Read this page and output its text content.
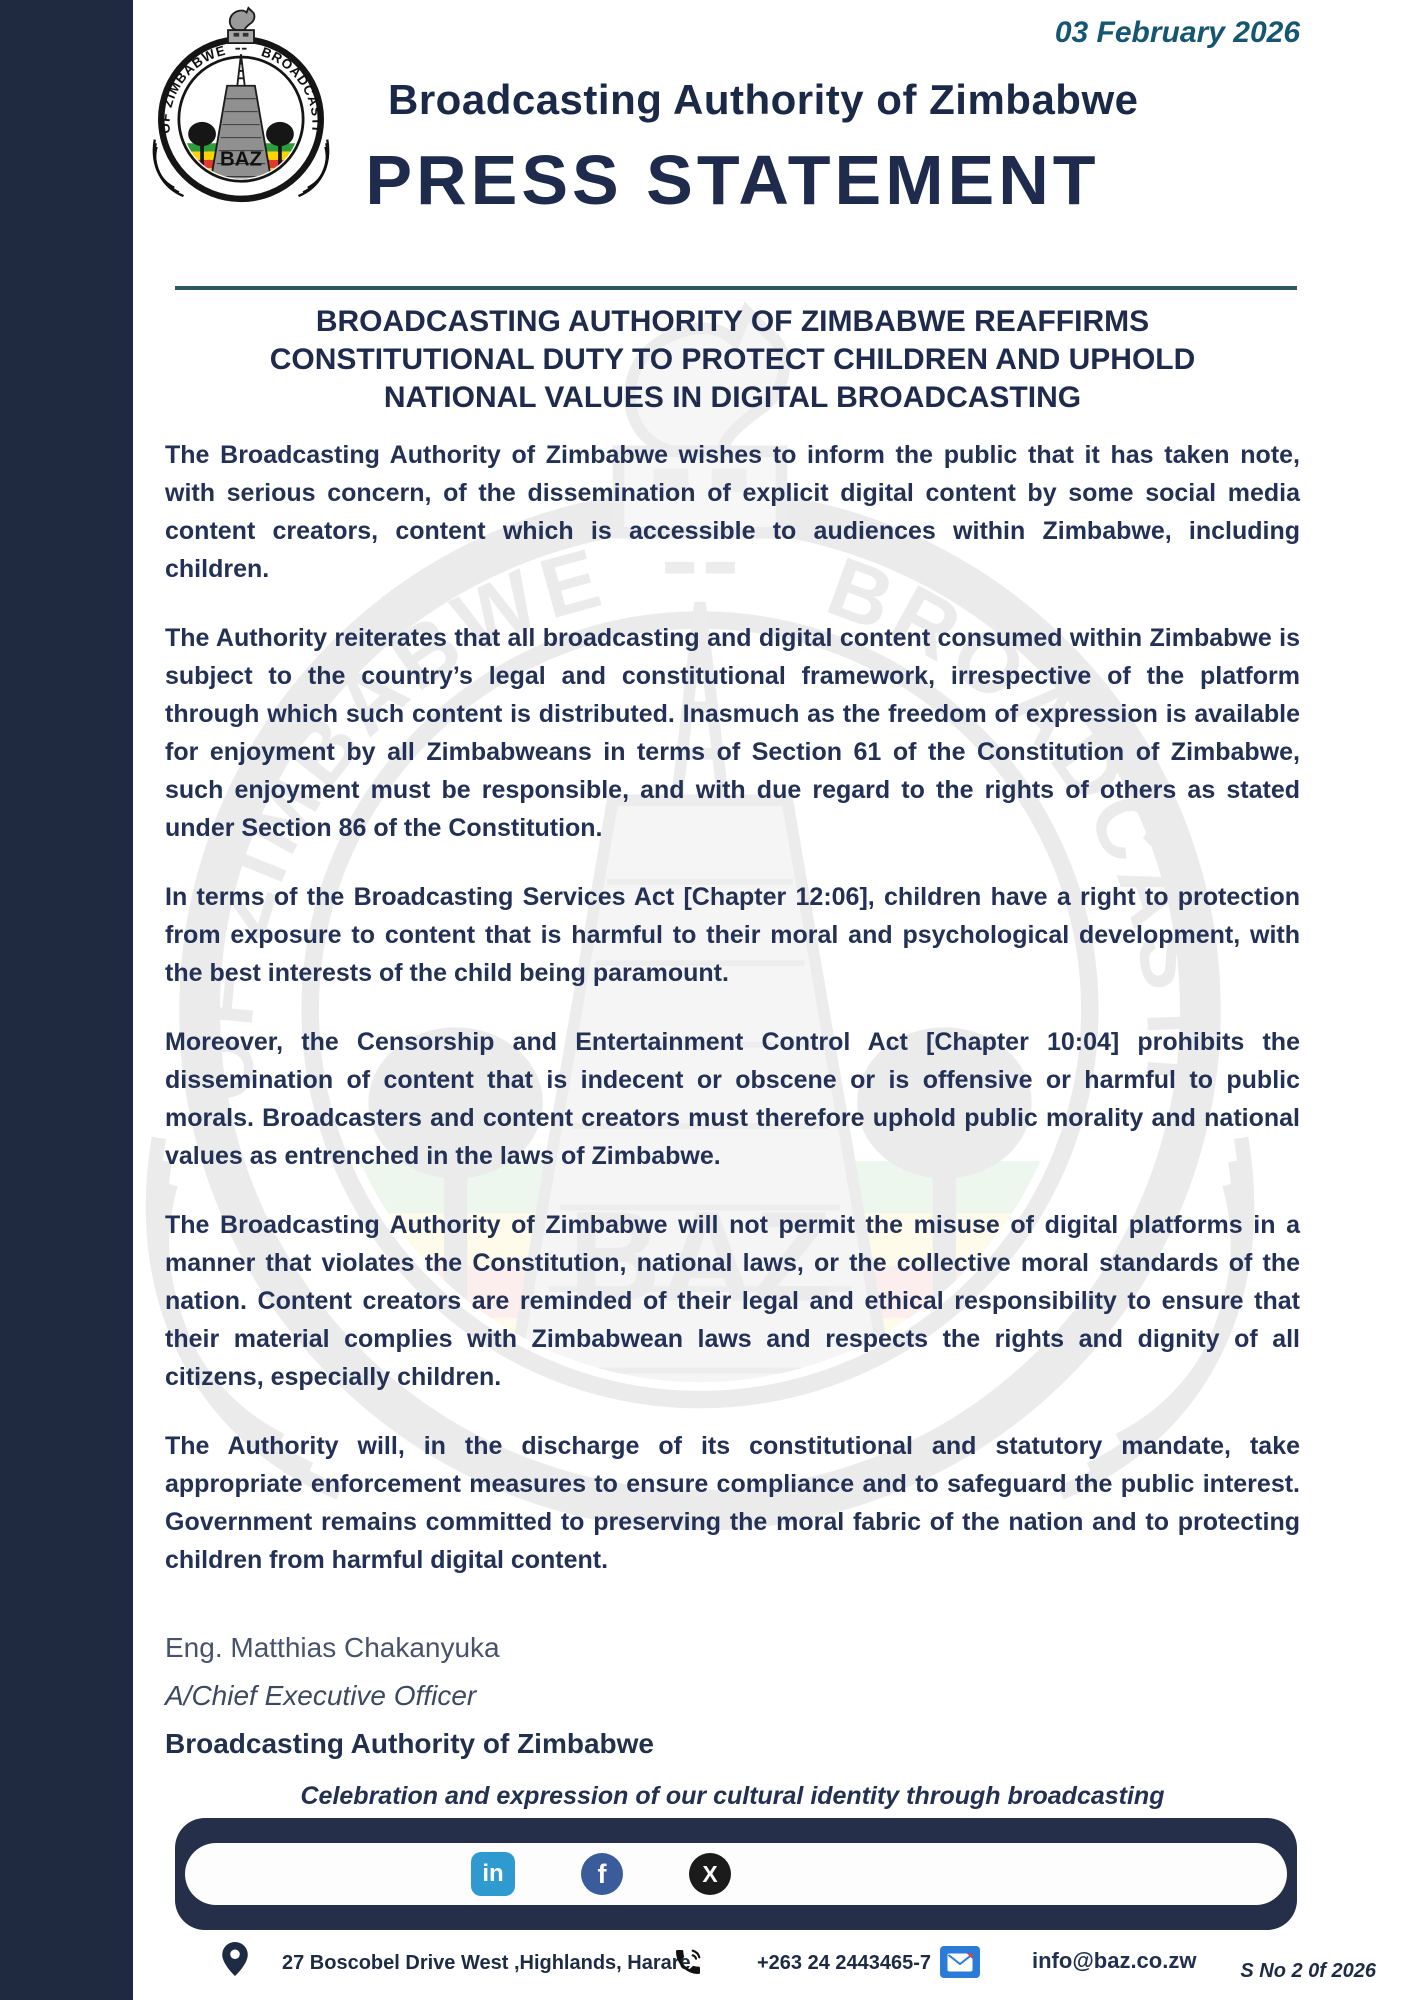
03 February 2026
Broadcasting Authority of Zimbabwe
PRESS STATEMENT
BROADCASTING AUTHORITY OF ZIMBABWE REAFFIRMS
CONSTITUTIONAL DUTY TO PROTECT CHILDREN AND UPHOLD
NATIONAL VALUES IN DIGITAL BROADCASTING

The Broadcasting Authority of Zimbabwe wishes to inform the public that it has taken note, with serious concern, of the dissemination of explicit digital content by some social media content creators, content which is accessible to audiences within Zimbabwe, including children.

The Authority reiterates that all broadcasting and digital content consumed within Zimbabwe is subject to the country’s legal and constitutional framework, irrespective of the platform through which such content is distributed. Inasmuch as the freedom of expression is available for enjoyment by all Zimbabweans in terms of Section 61 of the Constitution of Zimbabwe, such enjoyment must be responsible, and with due regard to the rights of others as stated under Section 86 of the Constitution.

In terms of the Broadcasting Services Act [Chapter 12:06], children have a right to protection from exposure to content that is harmful to their moral and psychological development, with the best interests of the child being paramount.

Moreover, the Censorship and Entertainment Control Act [Chapter 10:04] prohibits the dissemination of content that is indecent or obscene or is offensive or harmful to public morals. Broadcasters and content creators must therefore uphold public morality and national values as entrenched in the laws of Zimbabwe.

The Broadcasting Authority of Zimbabwe will not permit the misuse of digital platforms in a manner that violates the Constitution, national laws, or the collective moral standards of the nation. Content creators are reminded of their legal and ethical responsibility to ensure that their material complies with Zimbabwean laws and respects the rights and dignity of all citizens, especially children.

The Authority will, in the discharge of its constitutional and statutory mandate, take appropriate enforcement measures to ensure compliance and to safeguard the public interest. Government remains committed to preserving the moral fabric of the nation and to protecting children from harmful digital content.

Eng. Matthias Chakanyuka
A/Chief Executive Officer
Broadcasting Authority of Zimbabwe
Celebration and expression of our cultural identity through broadcasting
in	f	X
27 Boscobel Drive West ,Highlands, Harare	+263 24 2443465-7	info@baz.co.zw S No 2 0f 2026
